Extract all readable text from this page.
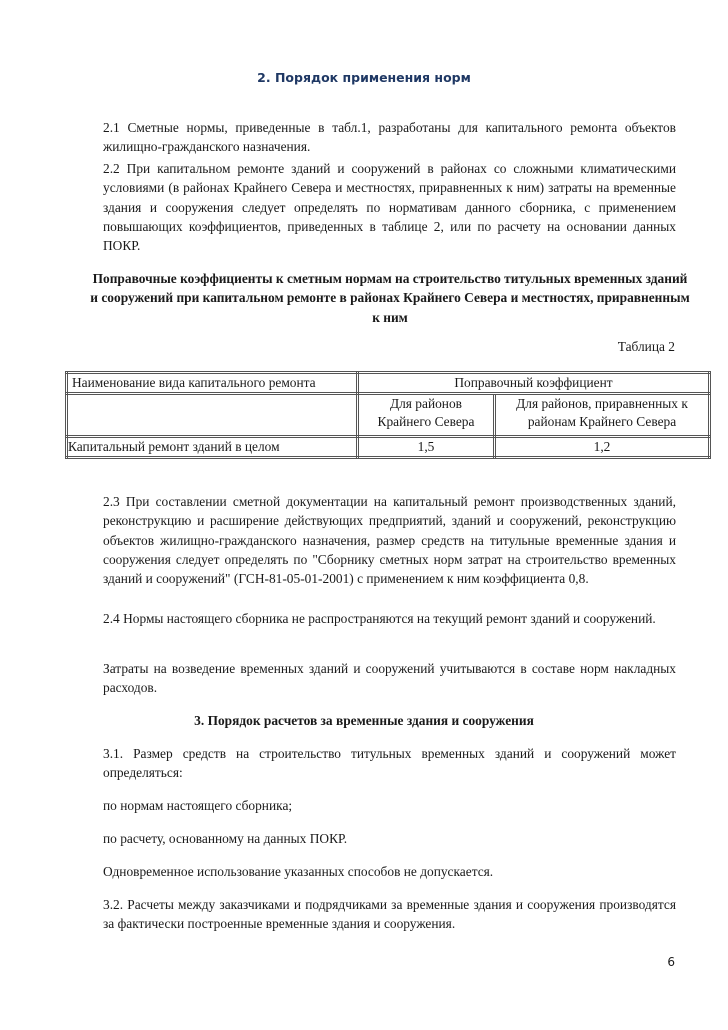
2. Порядок применения норм

2.1 Сметные нормы, приведенные в табл.1, разработаны для капитального ремонта объектов жилищно-гражданского назначения.

2.2 При капитальном ремонте зданий и сооружений в районах со сложными климатическими условиями (в районах Крайнего Севера и местностях, приравненных к ним) затраты на временные здания и сооружения следует определять по нормативам данного сборника, с применением повышающих коэффициентов, приведенных в таблице 2, или по расчету на основании данных ПОКР.

Поправочные коэффициенты к сметным нормам на строительство титульных временных зданий и сооружений при капитальном ремонте в районах Крайнего Севера и местностях, приравненным к ним
Таблица 2
Наименование вида капитального ремонта	Поправочный коэффициент	
	Для районов Крайнего Севера	Для районов, приравненных к районам Крайнего Севера
Капитальный ремонт зданий в целом	1,5	1,2

2.3 При составлении сметной документации на капитальный ремонт производственных зданий, реконструкцию и расширение действующих предприятий, зданий и сооружений, реконструкцию объектов жилищно-гражданского назначения, размер средств на титульные временные здания и сооружения следует определять по "Сборнику сметных норм затрат на строительство временных зданий и сооружений" (ГСН-81-05-01-2001) с применением к ним коэффициента 0,8.

2.4 Нормы настоящего сборника не распространяются на текущий ремонт зданий и сооружений.

Затраты на возведение временных зданий и сооружений учитываются в составе норм накладных расходов.

3. Порядок расчетов за временные здания и сооружения

3.1. Размер средств на строительство титульных временных зданий и сооружений может определяться:

по нормам настоящего сборника;

по расчету, основанному на данных ПОКР.

Одновременное использование указанных способов не допускается.

3.2. Расчеты между заказчиками и подрядчиками за временные здания и сооружения производятся за фактически построенные временные здания и сооружения.

6
